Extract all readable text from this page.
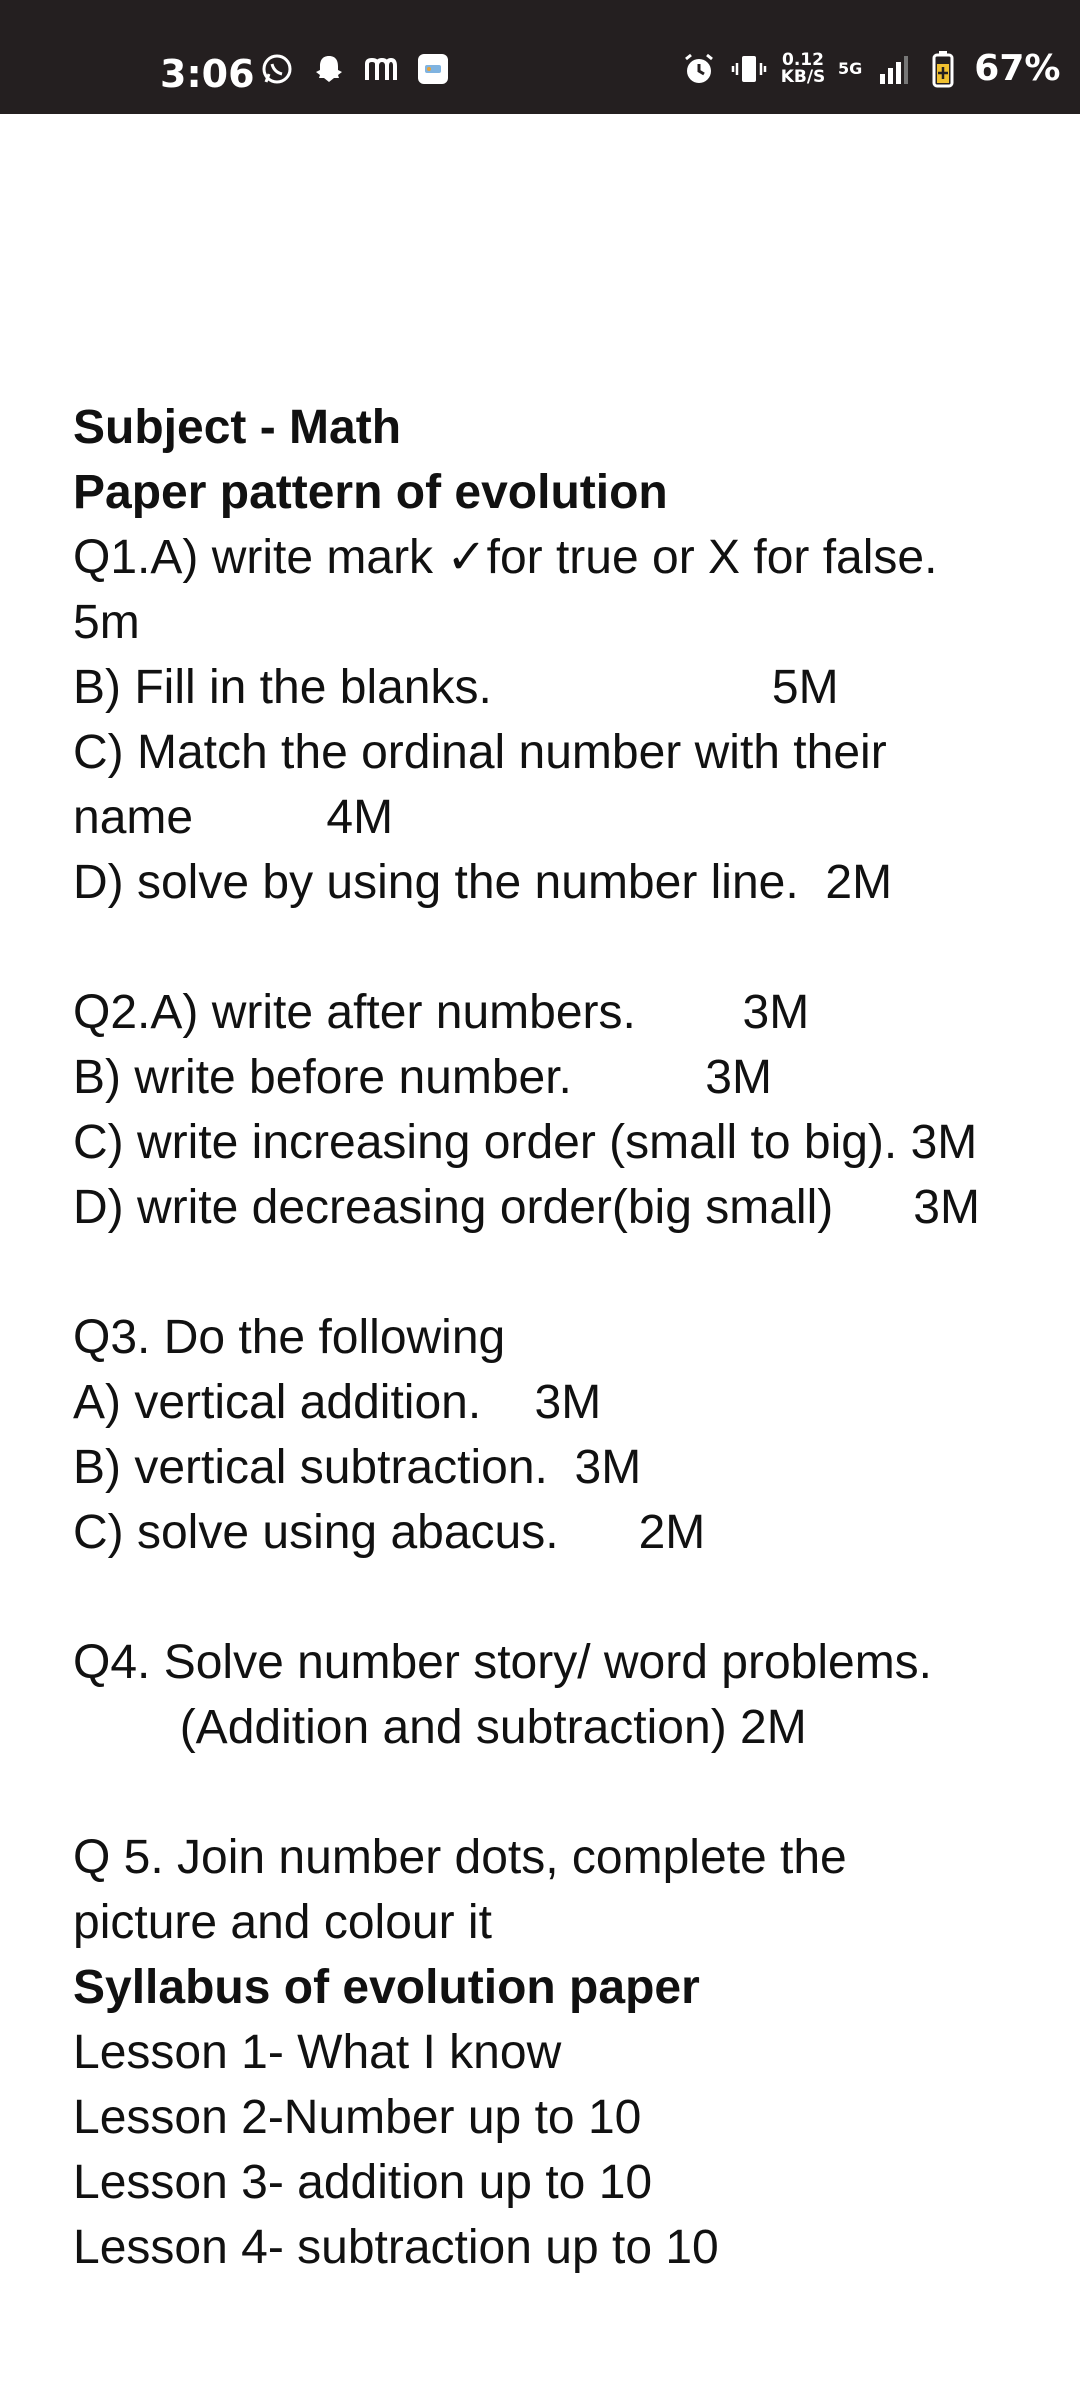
3:06	0.12
KB/S 5G	67%

Subject - Math

Paper pattern of evolution

Q1.A) write mark ✓for true or X for false.

5m

B) Fill in the blanks.                     5M

C) Match the ordinal number with their

name          4M

D) solve by using the number line.  2M

Q2.A) write after numbers.        3M

B) write before number.          3M

C) write increasing order (small to big). 3M

D) write decreasing order(big small)      3M

Q3. Do the following

A) vertical addition.    3M

B) vertical subtraction.  3M

C) solve using abacus.      2M

Q4. Solve number story/ word problems.

(Addition and subtraction) 2M

Q 5. Join number dots, complete the

picture and colour it

Syllabus of evolution paper

Lesson 1- What I know

Lesson 2-Number up to 10

Lesson 3- addition up to 10

Lesson 4- subtraction up to 10
